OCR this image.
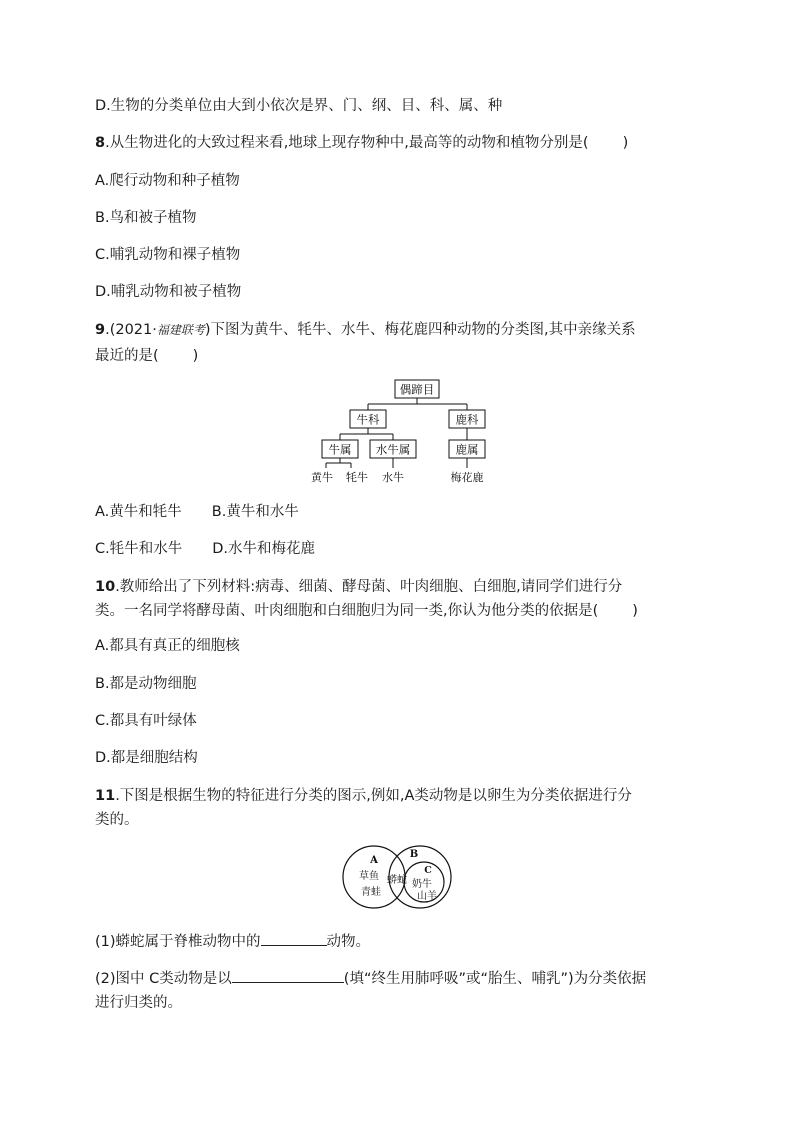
D.生物的分类单位由大到小依次是界、门、纲、目、科、属、种
8.从生物进化的大致过程来看,地球上现存物种中,最高等的动物和植物分别是( )
A.爬行动物和种子植物
B.鸟和被子植物
C.哺乳动物和裸子植物
D.哺乳动物和被子植物
9.(2021·福建联考)下图为黄牛、牦牛、水牛、梅花鹿四种动物的分类图,其中亲缘关系
最近的是( )
偶蹄目
牛科	鹿科
牛属 水牛属	鹿属
黄牛 牦牛 水牛	梅花鹿
A.黄牛和牦牛 B.黄牛和水牛
C.牦牛和水牛 D.水牛和梅花鹿
10.教师给出了下列材料:病毒、细菌、酵母菌、叶肉细胞、白细胞,请同学们进行分
类。一名同学将酵母菌、叶肉细胞和白细胞归为同一类,你认为他分类的依据是( )
A.都具有真正的细胞核
B.都是动物细胞
C.都具有叶绿体
D.都是细胞结构
11.下图是根据生物的特征进行分类的图示,例如,A类动物是以卵生为分类依据进行分
类的。
A
B
C
草鱼
青蛙
蟒蛇 奶牛
山羊
(1)蟒蛇属于脊椎动物中的	动物。
(2)图中 C类动物是以	(填“终生用肺呼吸”或“胎生、哺乳”)为分类依据
进行归类的。
